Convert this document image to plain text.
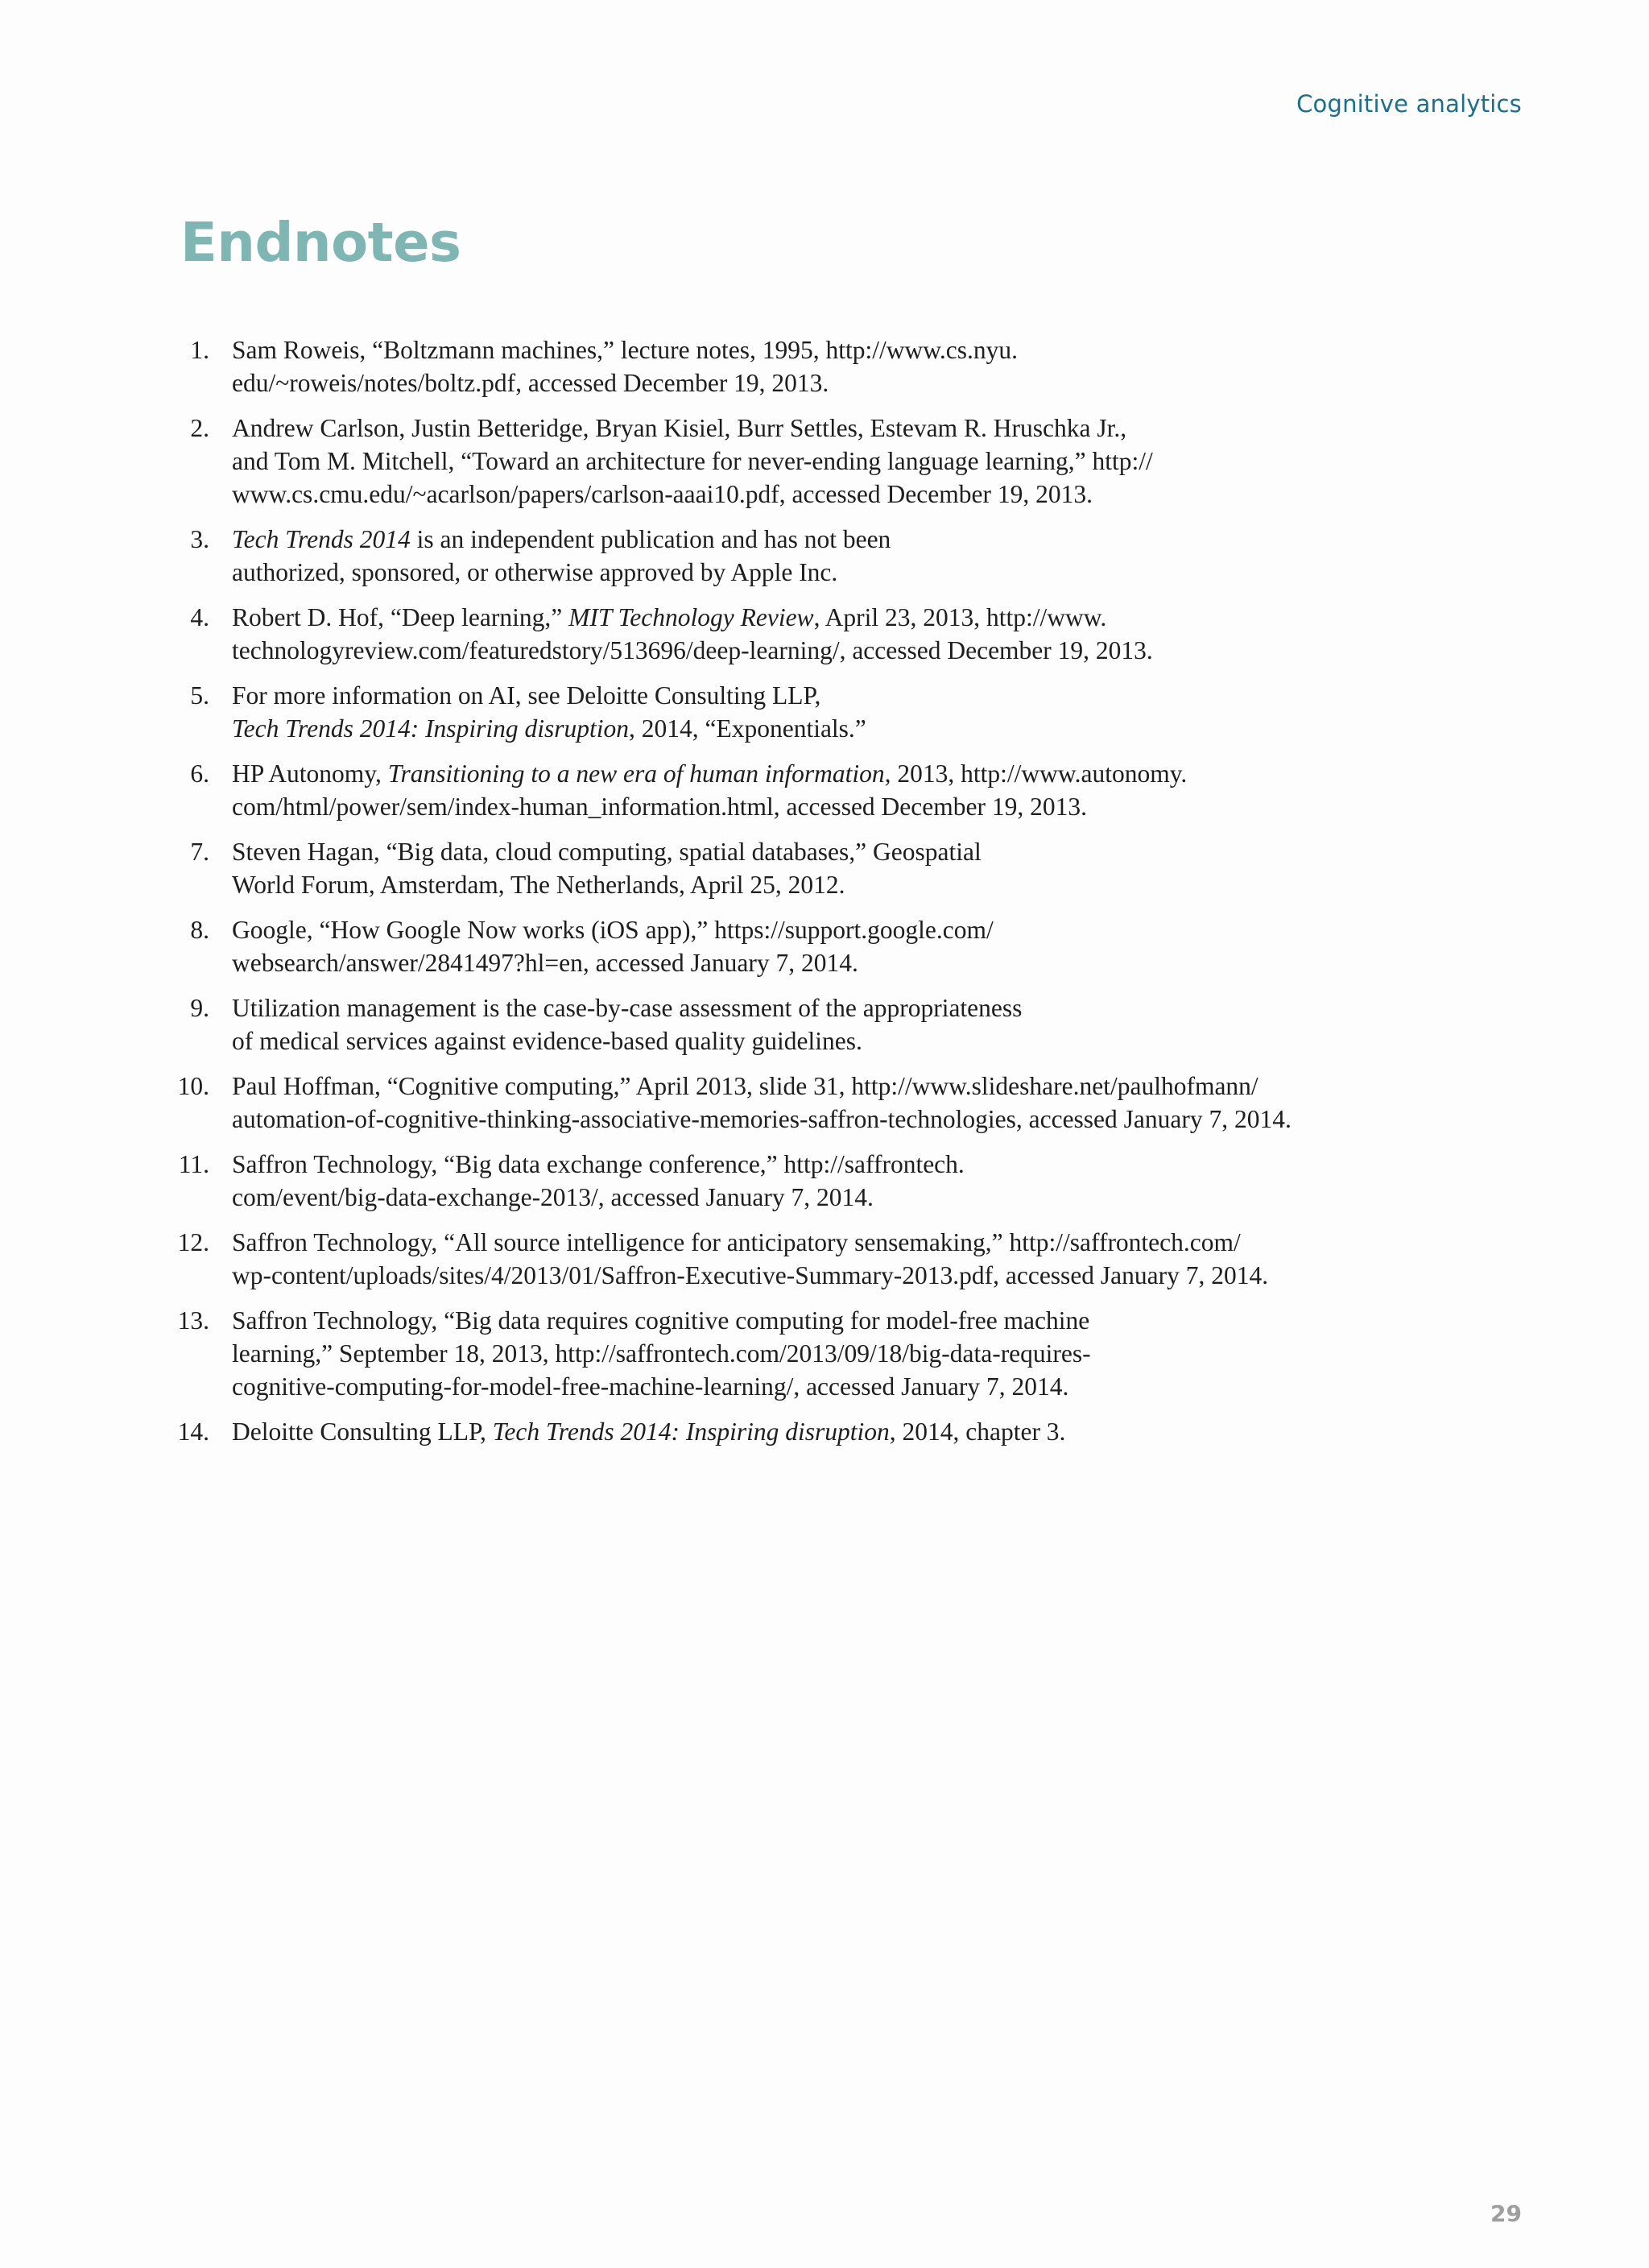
Cognitive analytics
Endnotes
1. Sam Roweis, “Boltzmann machines,” lecture notes, 1995, http://www.cs.nyu.
edu/~roweis/notes/boltz.pdf, accessed December 19, 2013.
2. Andrew Carlson, Justin Betteridge, Bryan Kisiel, Burr Settles, Estevam R. Hruschka Jr.,
and Tom M. Mitchell, “Toward an architecture for never-ending language learning,” http://
www.cs.cmu.edu/~acarlson/papers/carlson-aaai10.pdf, accessed December 19, 2013.
3. Tech Trends 2014 is an independent publication and has not been
authorized, sponsored, or otherwise approved by Apple Inc.
4. Robert D. Hof, “Deep learning,” MIT Technology Review, April 23, 2013, http://www.
technologyreview.com/featuredstory/513696/deep-learning/, accessed December 19, 2013.
5. For more information on AI, see Deloitte Consulting LLP,
Tech Trends 2014: Inspiring disruption, 2014, “Exponentials.”
6. HP Autonomy, Transitioning to a new era of human information, 2013, http://www.autonomy.
com/html/power/sem/index-human_information.html, accessed December 19, 2013.
7. Steven Hagan, “Big data, cloud computing, spatial databases,” Geospatial
World Forum, Amsterdam, The Netherlands, April 25, 2012.
8. Google, “How Google Now works (iOS app),” https://support.google.com/
websearch/answer/2841497?hl=en, accessed January 7, 2014.
9. Utilization management is the case-by-case assessment of the appropriateness
of medical services against evidence-based quality guidelines.
10. Paul Hoffman, “Cognitive computing,” April 2013, slide 31, http://www.slideshare.net/paulhofmann/
automation-of-cognitive-thinking-associative-memories-saffron-technologies, accessed January 7, 2014.
11. Saffron Technology, “Big data exchange conference,” http://saffrontech.
com/event/big-data-exchange-2013/, accessed January 7, 2014.
12. Saffron Technology, “All source intelligence for anticipatory sensemaking,” http://saffrontech.com/
wp-content/uploads/sites/4/2013/01/Saffron-Executive-Summary-2013.pdf, accessed January 7, 2014.
13. Saffron Technology, “Big data requires cognitive computing for model-free machine
learning,” September 18, 2013, http://saffrontech.com/2013/09/18/big-data-requires-
cognitive-computing-for-model-free-machine-learning/, accessed January 7, 2014.
14. Deloitte Consulting LLP, Tech Trends 2014: Inspiring disruption, 2014, chapter 3.
29
